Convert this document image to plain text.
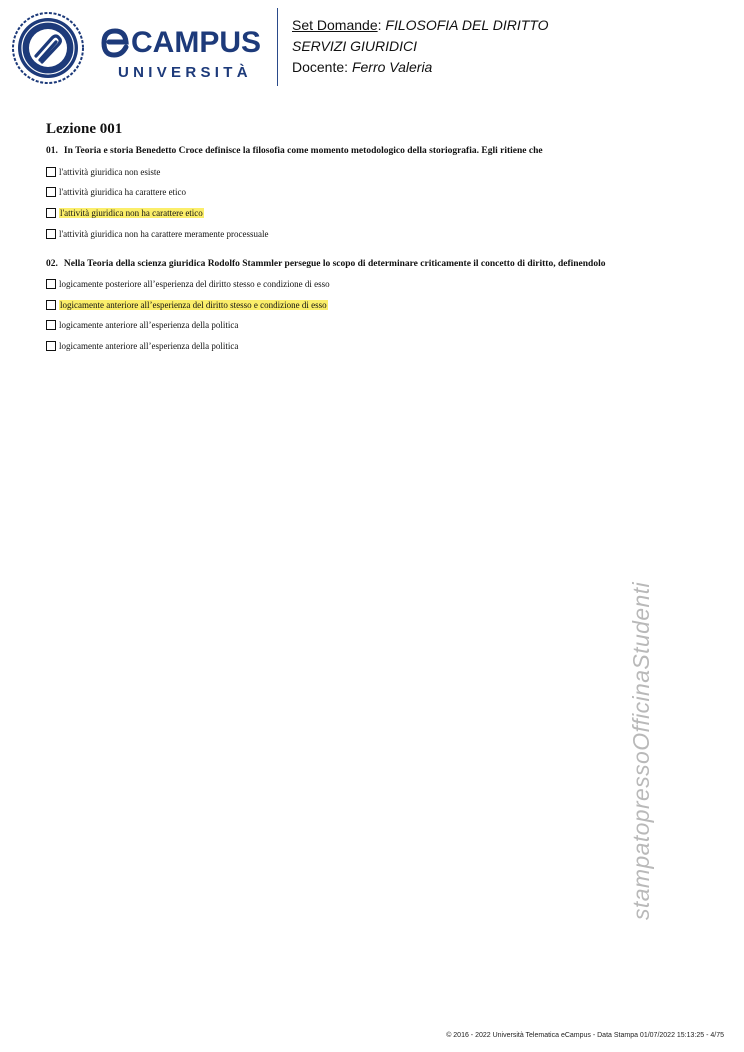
CAMPUS
UNIVERSITÀ
Set Domande: FILOSOFIA DEL DIRITTO
SERVIZI GIURIDICI
Docente: Ferro Valeria
Lezione 001
01. In Teoria e storia Benedetto Croce definisce la filosofia come momento metodologico della storiografia. Egli ritiene che
l'attività giuridica non esiste
l'attività giuridica ha carattere etico
l'attività giuridica non ha carattere etico
l'attività giuridica non ha carattere meramente processuale
02. Nella Teoria della scienza giuridica Rodolfo Stammler persegue lo scopo di determinare criticamente il concetto di diritto, definendolo
logicamente posteriore all’esperienza del diritto stesso e condizione di esso
logicamente anteriore all’esperienza del diritto stesso e condizione di esso
logicamente anteriore all’esperienza della politica
logicamente anteriore all’esperienza della politica
stampatopressoOfficinaStudenti
© 2016 - 2022 Università Telematica eCampus - Data Stampa 01/07/2022 15:13:25 - 4/75
